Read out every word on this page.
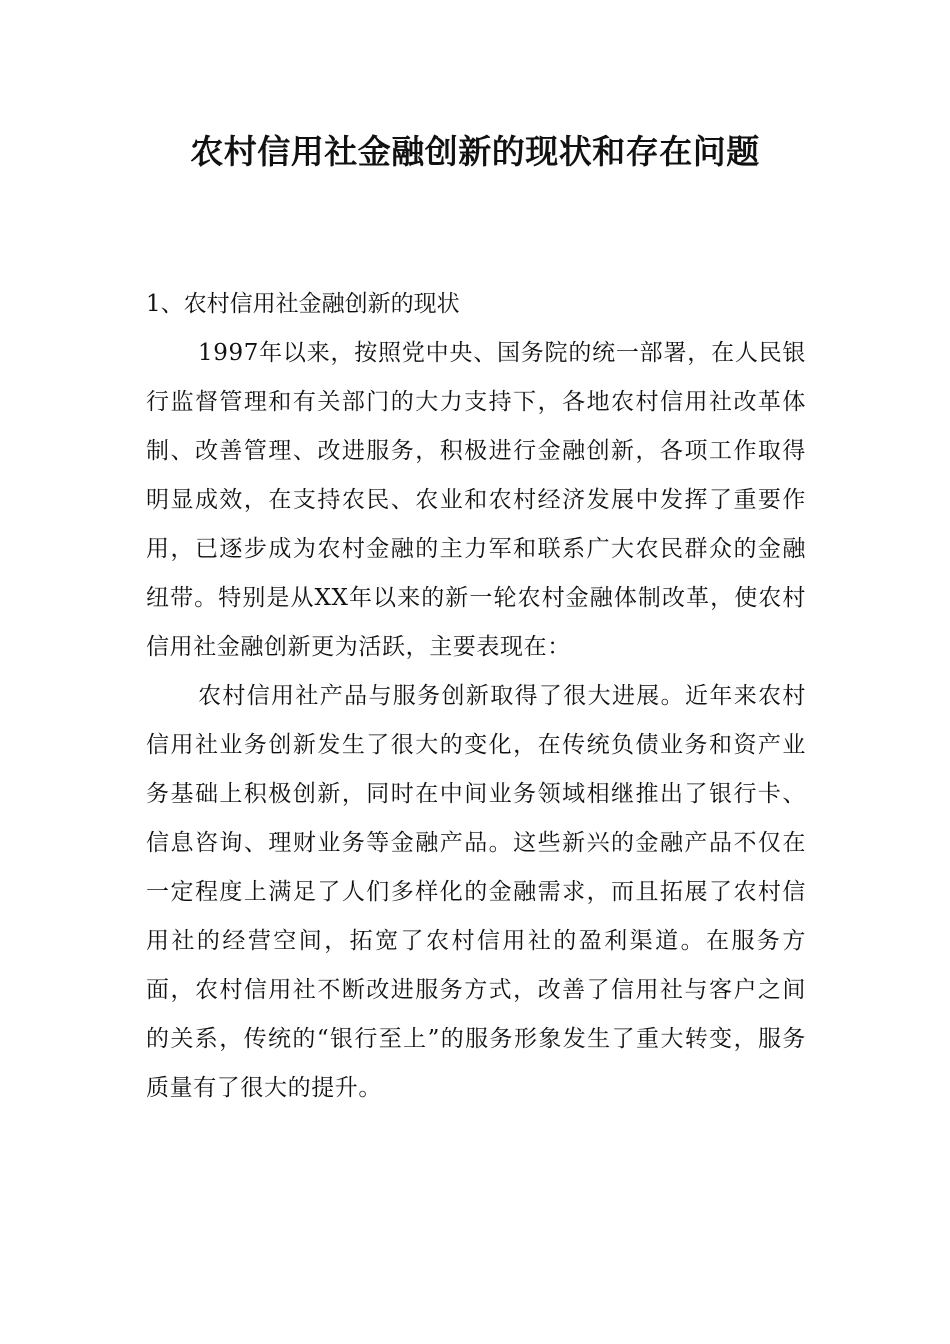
农村信用社金融创新的现状和存在问题

1、农村信用社金融创新的现状

1997年以来，按照党中央、国务院的统一部署，在人民银行监督管理和有关部门的大力支持下，各地农村信用社改革体制、改善管理、改进服务，积极进行金融创新，各项工作取得明显成效，在支持农民、农业和农村经济发展中发挥了重要作用，已逐步成为农村金融的主力军和联系广大农民群众的金融纽带。特别是从XX年以来的新一轮农村金融体制改革，使农村信用社金融创新更为活跃，主要表现在：

农村信用社产品与服务创新取得了很大进展。近年来农村信用社业务创新发生了很大的变化，在传统负债业务和资产业务基础上积极创新，同时在中间业务领域相继推出了银行卡、信息咨询、理财业务等金融产品。这些新兴的金融产品不仅在一定程度上满足了人们多样化的金融需求，而且拓展了农村信用社的经营空间，拓宽了农村信用社的盈利渠道。在服务方面，农村信用社不断改进服务方式，改善了信用社与客户之间的关系，传统的“银行至上”的服务形象发生了重大转变，服务质量有了很大的提升。
